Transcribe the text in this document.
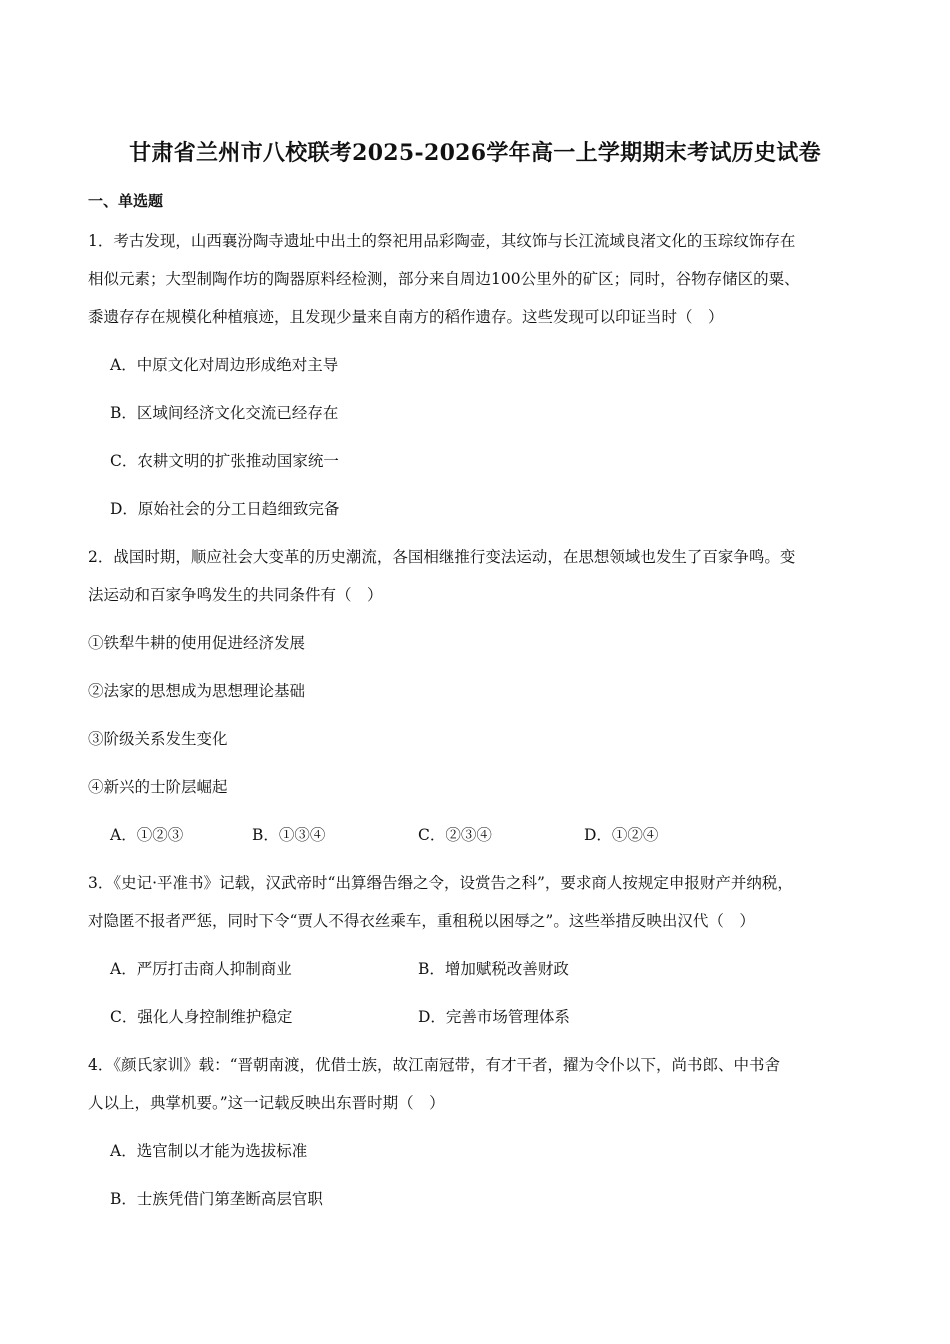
甘肃省兰州市八校联考2025-2026学年高一上学期期末考试历史试卷
一、单选题
1．考古发现，山西襄汾陶寺遗址中出土的祭祀用品彩陶壶，其纹饰与长江流域良渚文化的玉琮纹饰存在
相似元素；大型制陶作坊的陶器原料经检测，部分来自周边100公里外的矿区；同时，谷物存储区的粟、
黍遗存存在规模化种植痕迹，且发现少量来自南方的稻作遗存。这些发现可以印证当时（　）
A．中原文化对周边形成绝对主导
B．区域间经济文化交流已经存在
C．农耕文明的扩张推动国家统一
D．原始社会的分工日趋细致完备
2．战国时期，顺应社会大变革的历史潮流，各国相继推行变法运动，在思想领域也发生了百家争鸣。变
法运动和百家争鸣发生的共同条件有（　）
①铁犁牛耕的使用促进经济发展
②法家的思想成为思想理论基础
③阶级关系发生变化
④新兴的士阶层崛起
A．①②③	B．①③④	C．②③④	D．①②④
3．《史记·平准书》记载，汉武帝时“出算缗告缗之令，设赏告之科”，要求商人按规定申报财产并纳税，
对隐匿不报者严惩，同时下令“贾人不得衣丝乘车，重租税以困辱之”。这些举措反映出汉代（　）
A．严厉打击商人抑制商业	B．增加赋税改善财政
C．强化人身控制维护稳定	D．完善市场管理体系
4．《颜氏家训》载：“晋朝南渡，优借士族，故江南冠带，有才干者，擢为令仆以下，尚书郎、中书舍
人以上，典掌机要。”这一记载反映出东晋时期（　）
A．选官制以才能为选拔标准
B．士族凭借门第垄断高层官职
